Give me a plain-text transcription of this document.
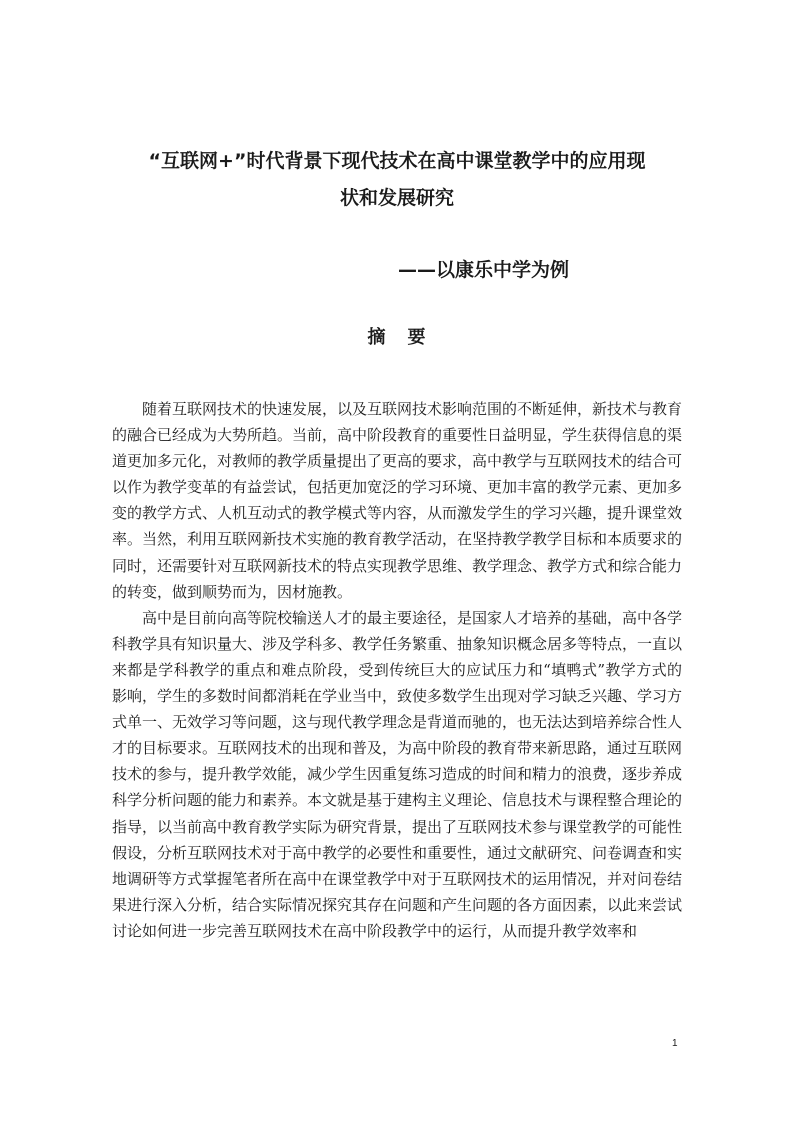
“互联网+”时代背景下现代技术在高中课堂教学中的应用现
状和发展研究
——以康乐中学为例
摘要

随着互联网技术的快速发展，以及互联网技术影响范围的不断延伸，新技术与教育的融合已经成为大势所趋。当前，高中阶段教育的重要性日益明显，学生获得信息的渠道更加多元化，对教师的教学质量提出了更高的要求，高中教学与互联网技术的结合可以作为教学变革的有益尝试，包括更加宽泛的学习环境、更加丰富的教学元素、更加多变的教学方式、人机互动式的教学模式等内容，从而激发学生的学习兴趣，提升课堂效率。当然，利用互联网新技术实施的教育教学活动，在坚持教学教学目标和本质要求的同时，还需要针对互联网新技术的特点实现教学思维、教学理念、教学方式和综合能力的转变，做到顺势而为，因材施教。

高中是目前向高等院校输送人才的最主要途径，是国家人才培养的基础，高中各学科教学具有知识量大、涉及学科多、教学任务繁重、抽象知识概念居多等特点，一直以来都是学科教学的重点和难点阶段，受到传统巨大的应试压力和“填鸭式”教学方式的影响，学生的多数时间都消耗在学业当中，致使多数学生出现对学习缺乏兴趣、学习方式单一、无效学习等问题，这与现代教学理念是背道而驰的，也无法达到培养综合性人才的目标要求。互联网技术的出现和普及，为高中阶段的教育带来新思路，通过互联网技术的参与，提升教学效能，减少学生因重复练习造成的时间和精力的浪费，逐步养成科学分析问题的能力和素养。本文就是基于建构主义理论、信息技术与课程整合理论的指导，以当前高中教育教学实际为研究背景，提出了互联网技术参与课堂教学的可能性假设，分析互联网技术对于高中教学的必要性和重要性，通过文献研究、问卷调查和实地调研等方式掌握笔者所在高中在课堂教学中对于互联网技术的运用情况，并对问卷结果进行深入分析，结合实际情况探究其存在问题和产生问题的各方面因素，以此来尝试讨论如何进一步完善互联网技术在高中阶段教学中的运行，从而提升教学效率和

1
